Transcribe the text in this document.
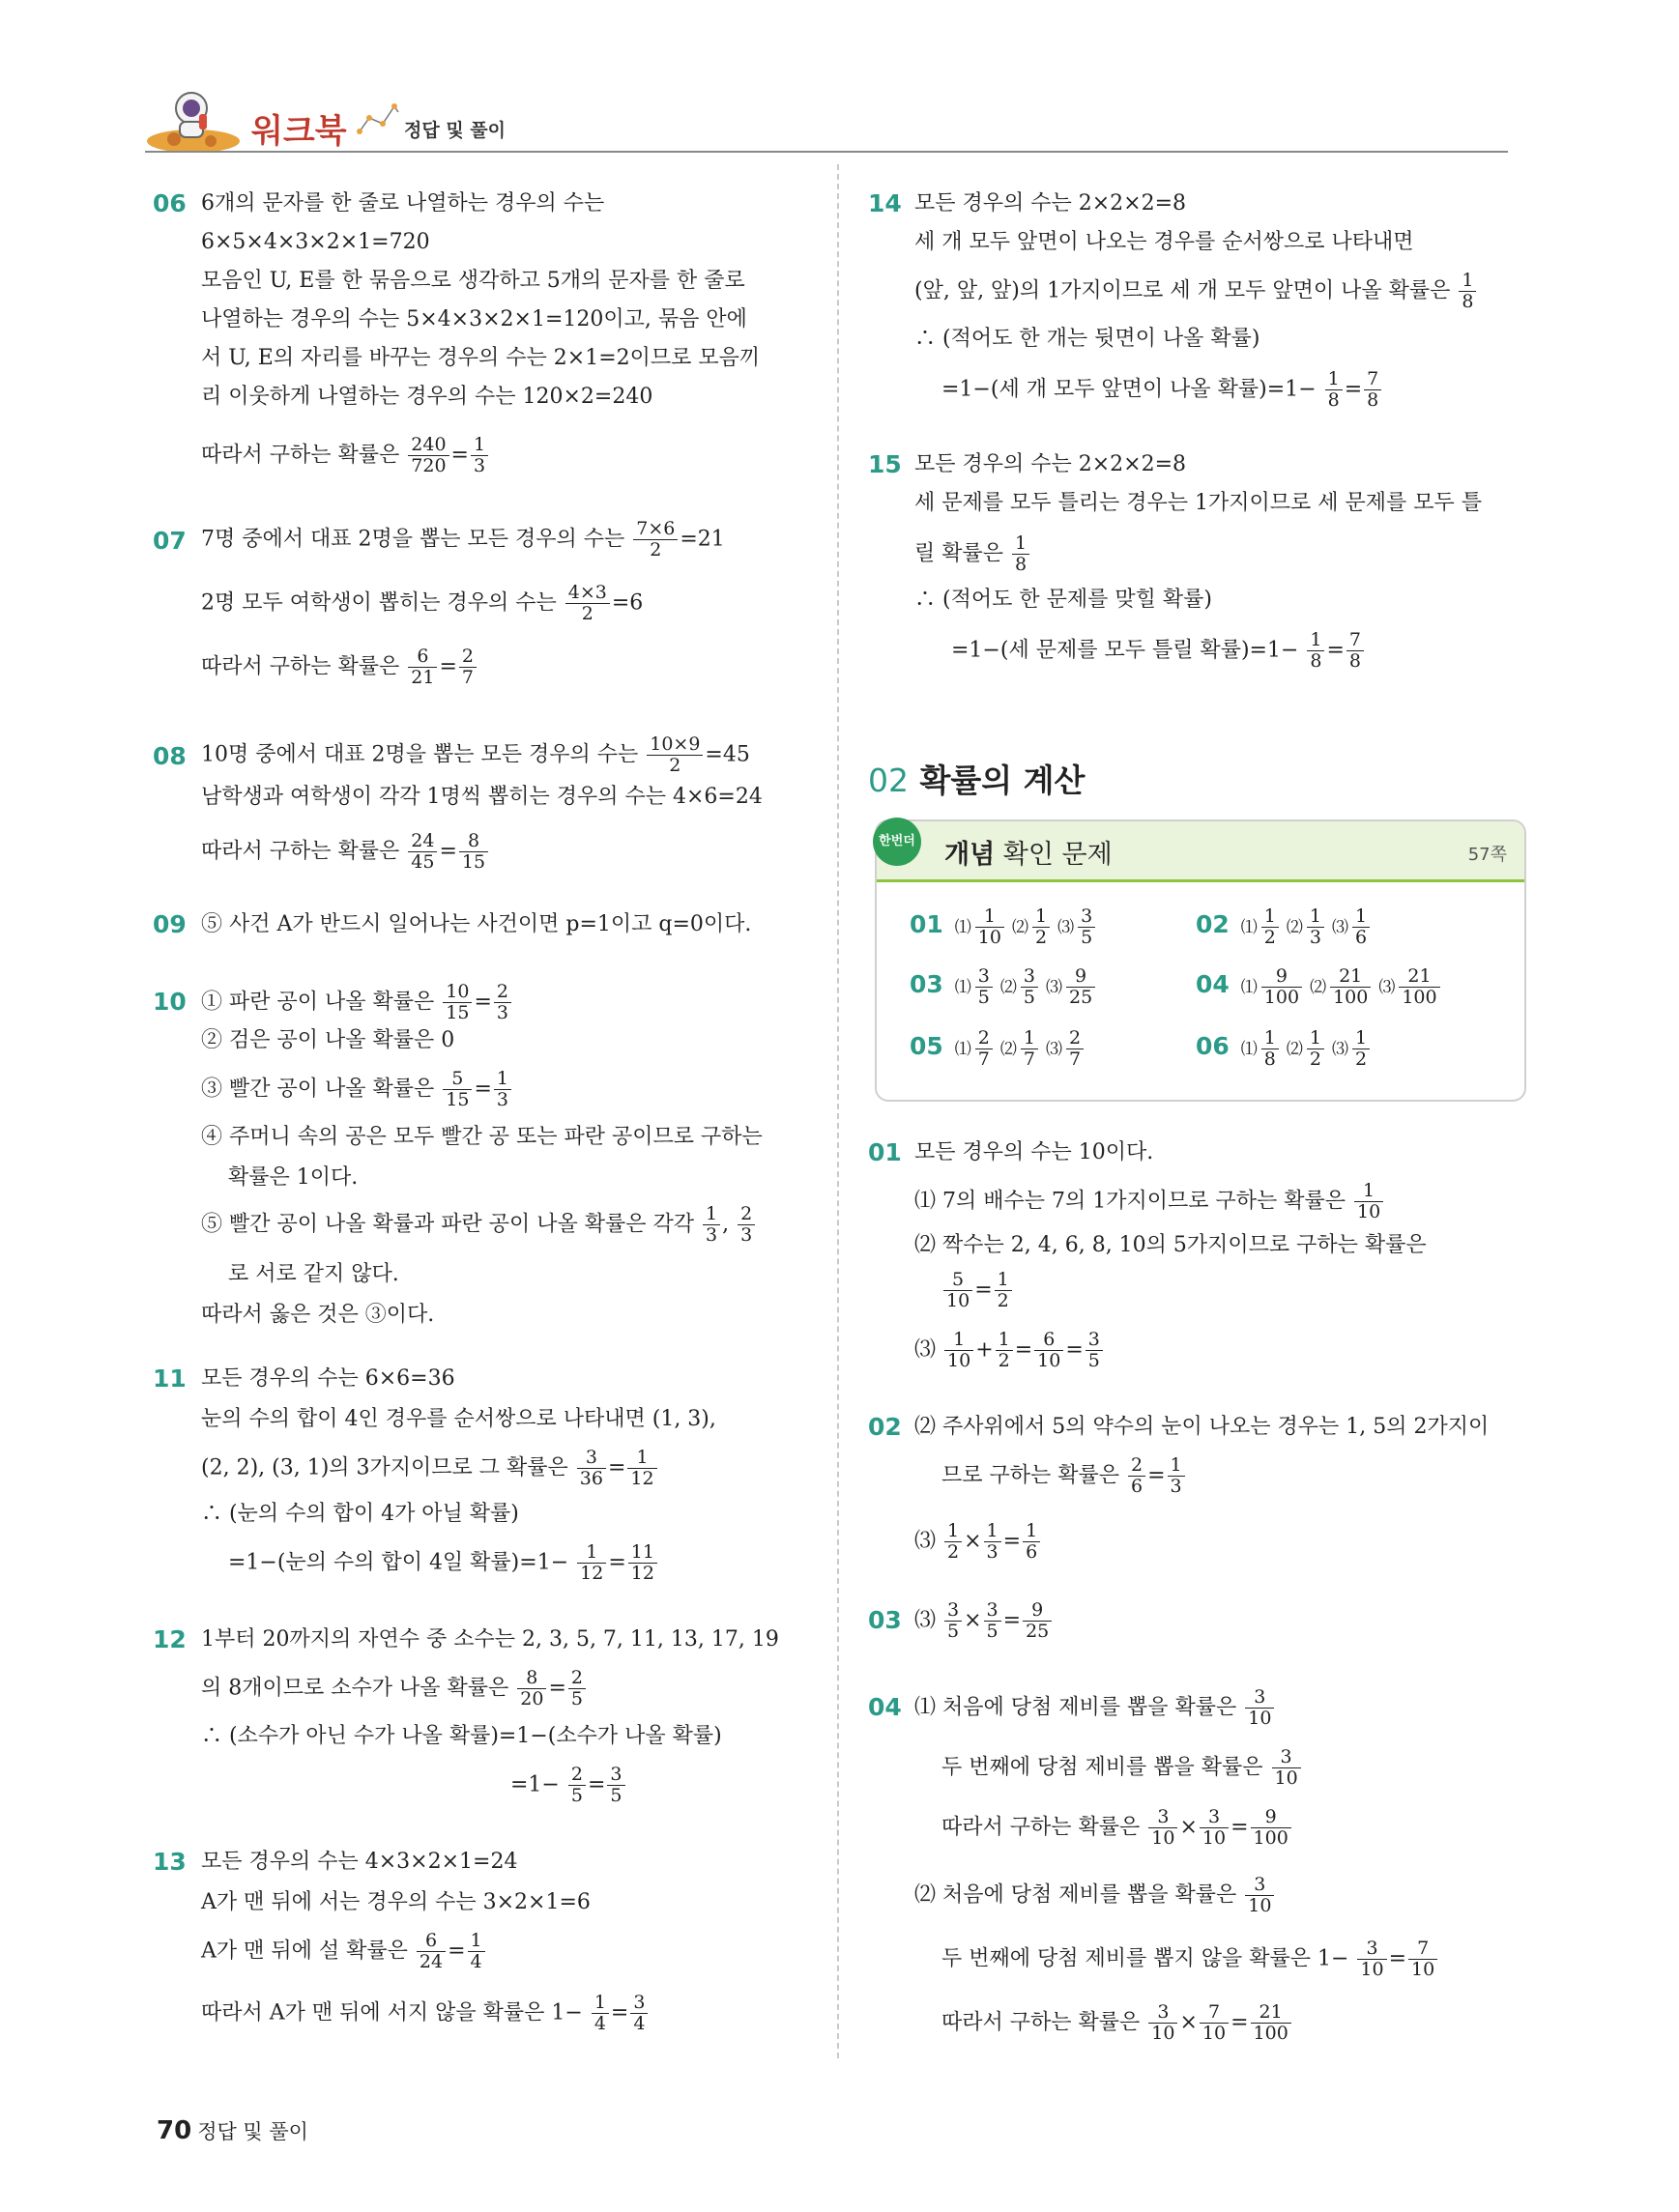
워크북	정답 및 풀이
06 6개의 문자를 한 줄로 나열하는 경우의 수는
6×5×4×3×2×1=720
모음인 U, E를 한 묶음으로 생각하고 5개의 문자를 한 줄로
나열하는 경우의 수는 5×4×3×2×1=120이고, 묶음 안에
서 U, E의 자리를 바꾸는 경우의 수는 2×1=2이므로 모음끼
리 이웃하게 나열하는 경우의 수는 120×2=240
따라서 구하는 확률은 $\frac{240}{720} = \frac{1}{3}$
07 7명 중에서 대표 2명을 뽑는 모든 경우의 수는 $\frac{7\times 6}{2} =21$
2명 모두 여학생이 뽑히는 경우의 수는 $\frac{4\times 3}{2} =6$
따라서 구하는 확률은 $\frac{6}{21} = \frac{2}{7}$
08 10명 중에서 대표 2명을 뽑는 모든 경우의 수는 $\frac{10\times 9}{2} =45$
남학생과 여학생이 각각 1명씩 뽑히는 경우의 수는 4×6=24
따라서 구하는 확률은 $\frac{24}{45} = \frac{8}{15}$
09 ⑤ 사건 A가 반드시 일어나는 사건이면 p=1이고 q=0이다.
10 ① 파란 공이 나올 확률은 $\frac{10}{15} = \frac{2}{3}$
② 검은 공이 나올 확률은 0
③ 빨간 공이 나올 확률은 $\frac{5}{15} = \frac{1}{3}$
④ 주머니 속의 공은 모두 빨간 공 또는 파란 공이므로 구하는
확률은 1이다.
⑤ 빨간 공이 나올 확률과 파란 공이 나올 확률은 각각 $\frac{1}{3}$ , $\frac{2}{3}$
로 서로 같지 않다.
따라서 옳은 것은 ③이다.
11 모든 경우의 수는 6×6=36
눈의 수의 합이 4인 경우를 순서쌍으로 나타내면 (1, 3),
(2, 2), (3, 1)의 3가지이므로 그 확률은 $\frac{3}{36} = \frac{1}{12}$
∴ (눈의 수의 합이 4가 아닐 확률)
=1−(눈의 수의 합이 4일 확률)$=1- \frac{1}{12} = \frac{11}{12}$
12 1부터 20까지의 자연수 중 소수는 2, 3, 5, 7, 11, 13, 17, 19
의 8개이므로 소수가 나올 확률은 $\frac{8}{20} = \frac{2}{5}$
∴ (소수가 아닌 수가 나올 확률)=1−(소수가 나올 확률)
$=1- \frac{2}{5} = \frac{3}{5}$
13 모든 경우의 수는 4×3×2×1=24
A가 맨 뒤에 서는 경우의 수는 3×2×1=6
A가 맨 뒤에 설 확률은 $\frac{6}{24} = \frac{1}{4}$
따라서 A가 맨 뒤에 서지 않을 확률은 $1- \frac{1}{4} = \frac{3}{4}$
14 모든 경우의 수는 2×2×2=8
세 개 모두 앞면이 나오는 경우를 순서쌍으로 나타내면
(앞, 앞, 앞)의 1가지이므로 세 개 모두 앞면이 나올 확률은 $\frac{1}{8}$
∴ (적어도 한 개는 뒷면이 나올 확률)
=1−(세 개 모두 앞면이 나올 확률)$=1- \frac{1}{8} = \frac{7}{8}$
15 모든 경우의 수는 2×2×2=8
세 문제를 모두 틀리는 경우는 1가지이므로 세 문제를 모두 틀
릴 확률은 $\frac{1}{8}$
∴ (적어도 한 문제를 맞힐 확률)
=1−(세 문제를 모두 틀릴 확률)$=1- \frac{1}{8} = \frac{7}{8}$
02 확률의 계산
한번더 개념 확인 문제	57쪽
01 ⑴ $\frac{1}{10}$ ⑵ $\frac{1}{2}$ ⑶ $\frac{3}{5}$	02 ⑴ $\frac{1}{2}$ ⑵ $\frac{1}{3}$ ⑶ $\frac{1}{6}$
03 ⑴ $\frac{3}{5}$ ⑵ $\frac{3}{5}$ ⑶ $\frac{9}{25}$	04 ⑴ $\frac{9}{100}$ ⑵ $\frac{21}{100}$ ⑶ $\frac{21}{100}$
05 ⑴ $\frac{2}{7}$ ⑵ $\frac{1}{7}$ ⑶ $\frac{2}{7}$	06 ⑴ $\frac{1}{8}$ ⑵ $\frac{1}{2}$ ⑶ $\frac{1}{2}$
01 모든 경우의 수는 10이다.
⑴ 7의 배수는 7의 1가지이므로 구하는 확률은 $\frac{1}{10}$
⑵ 짝수는 2, 4, 6, 8, 10의 5가지이므로 구하는 확률은
$\frac{5}{10} = \frac{1}{2}$
⑶ $\frac{1}{10} + \frac{1}{2} = \frac{6}{10} = \frac{3}{5}$
02 ⑵ 주사위에서 5의 약수의 눈이 나오는 경우는 1, 5의 2가지이
므로 구하는 확률은 $\frac{2}{6} = \frac{1}{3}$
⑶ $\frac{1}{2} \times \frac{1}{3} = \frac{1}{6}$
03 ⑶ $\frac{3}{5} \times \frac{3}{5} = \frac{9}{25}$
04 ⑴ 처음에 당첨 제비를 뽑을 확률은 $\frac{3}{10}$
두 번째에 당첨 제비를 뽑을 확률은 $\frac{3}{10}$
따라서 구하는 확률은 $\frac{3}{10} \times \frac{3}{10} = \frac{9}{100}$
⑵ 처음에 당첨 제비를 뽑을 확률은 $\frac{3}{10}$
두 번째에 당첨 제비를 뽑지 않을 확률은 $1- \frac{3}{10} = \frac{7}{10}$
따라서 구하는 확률은 $\frac{3}{10} \times \frac{7}{10} = \frac{21}{100}$
70 정답 및 풀이
